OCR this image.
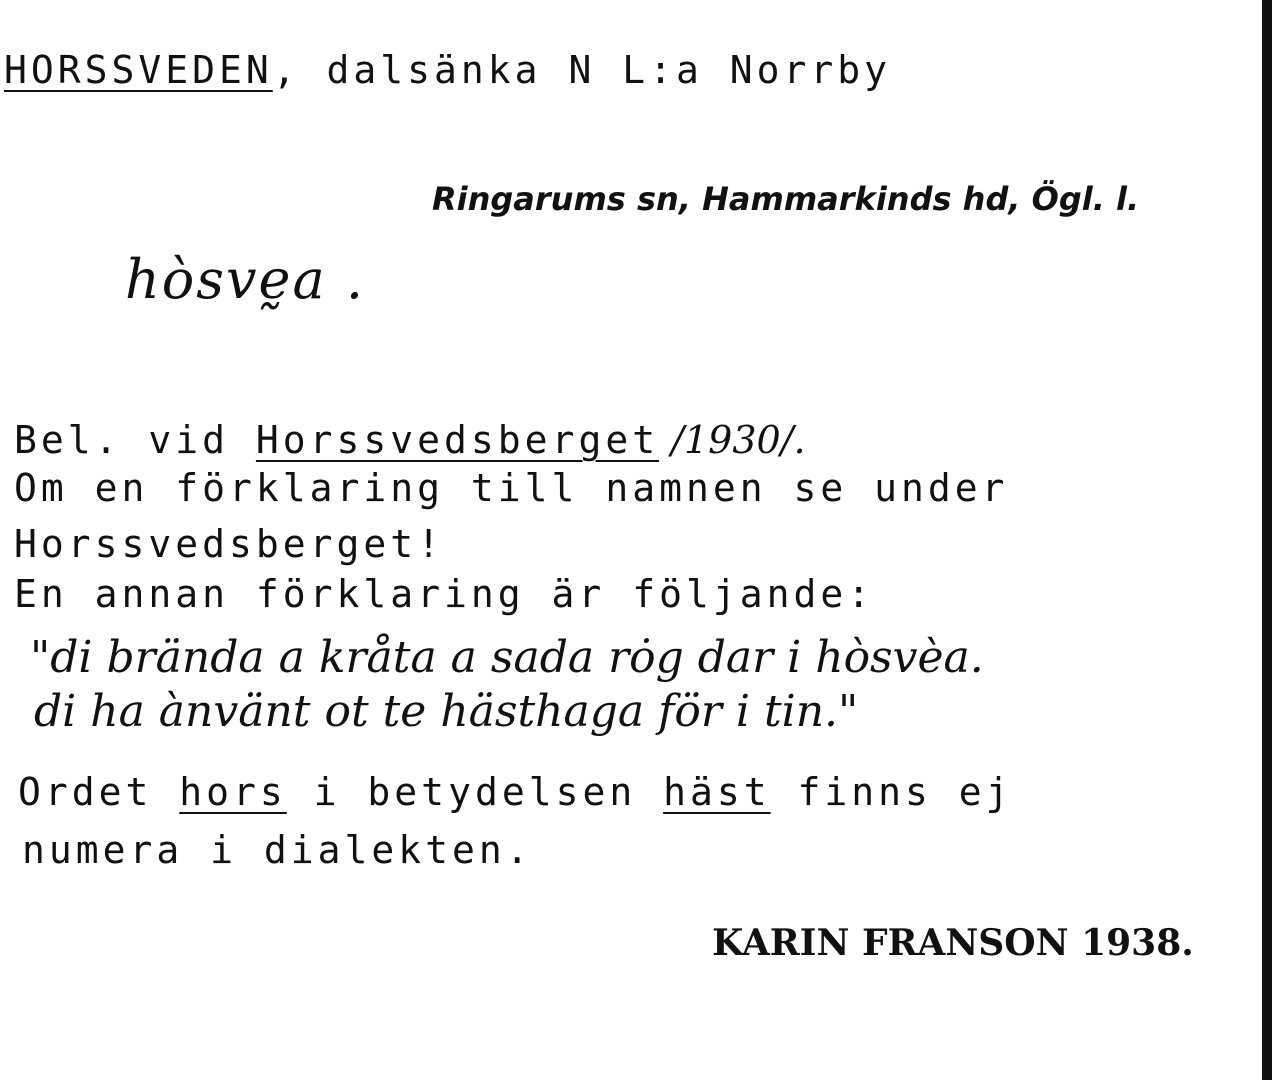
HORSSVEDEN, dalsänka N L:a Norrby
Ringarums sn, Hammarkinds hd, Ögl. l.
hòsvḛa .
Bel. vid Horssvedsberget /1930/.
Om en förklaring till namnen se under
Horssvedsberget!
En annan förklaring är följande:
"di brända a kråta a sada rȯg dar i hòsvèa.
di ha ànvänt ot te hästhaga för i tin."
Ordet hors i betydelsen häst finns ej
numera i dialekten.
KARIN FRANSON 1938.
